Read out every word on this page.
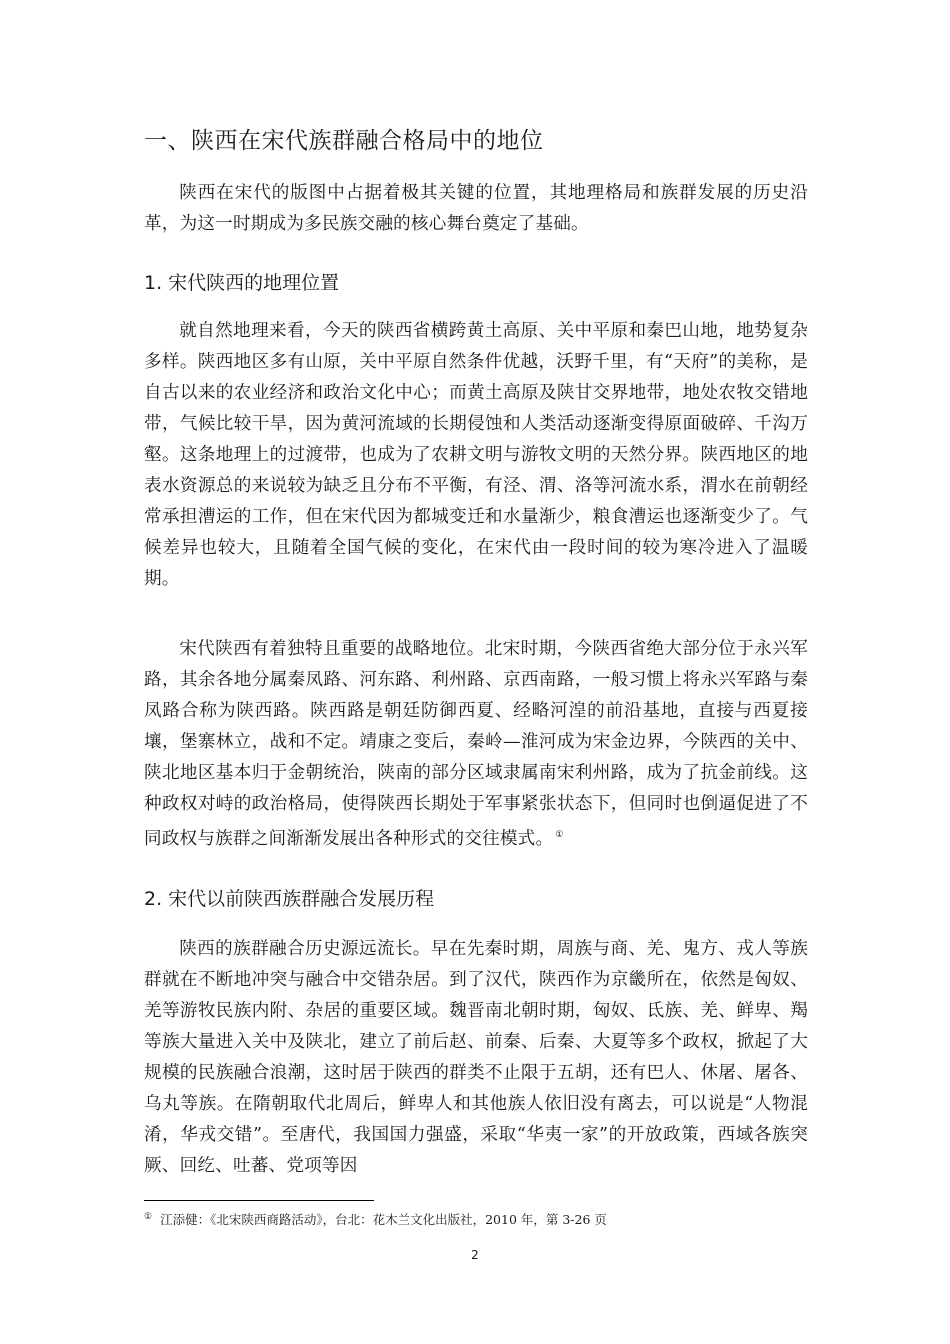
一、陕西在宋代族群融合格局中的地位

陕西在宋代的版图中占据着极其关键的位置，其地理格局和族群发展的历史沿革，为这一时期成为多民族交融的核心舞台奠定了基础。

1. 宋代陕西的地理位置

就自然地理来看，今天的陕西省横跨黄土高原、关中平原和秦巴山地，地势复杂多样。陕西地区多有山原，关中平原自然条件优越，沃野千里，有“天府”的美称，是自古以来的农业经济和政治文化中心；而黄土高原及陕甘交界地带，地处农牧交错地带，气候比较干旱，因为黄河流域的长期侵蚀和人类活动逐渐变得原面破碎、千沟万壑。这条地理上的过渡带，也成为了农耕文明与游牧文明的天然分界。陕西地区的地表水资源总的来说较为缺乏且分布不平衡，有泾、渭、洛等河流水系，渭水在前朝经常承担漕运的工作，但在宋代因为都城变迁和水量渐少，粮食漕运也逐渐变少了。气候差异也较大，且随着全国气候的变化，在宋代由一段时间的较为寒冷进入了温暖期。

宋代陕西有着独特且重要的战略地位。北宋时期，今陕西省绝大部分位于永兴军路，其余各地分属秦凤路、河东路、利州路、京西南路，一般习惯上将永兴军路与秦凤路合称为陕西路。陕西路是朝廷防御西夏、经略河湟的前沿基地，直接与西夏接壤，堡寨林立，战和不定。靖康之变后，秦岭—淮河成为宋金边界，今陕西的关中、陕北地区基本归于金朝统治，陕南的部分区域隶属南宋利州路，成为了抗金前线。这种政权对峙的政治格局，使得陕西长期处于军事紧张状态下，但同时也倒逼促进了不同政权与族群之间渐渐发展出各种形式的交往模式。 ①

2. 宋代以前陕西族群融合发展历程

陕西的族群融合历史源远流长。早在先秦时期，周族与商、羌、鬼方、戎人等族群就在不断地冲突与融合中交错杂居。到了汉代，陕西作为京畿所在，依然是匈奴、羌等游牧民族内附、杂居的重要区域。魏晋南北朝时期，匈奴、氐族、羌、鲜卑、羯等族大量进入关中及陕北，建立了前后赵、前秦、后秦、大夏等多个政权，掀起了大规模的民族融合浪潮，这时居于陕西的群类不止限于五胡，还有巴人、休屠、屠各、乌丸等族。在隋朝取代北周后，鲜卑人和其他族人依旧没有离去，可以说是“人物混淆，华戎交错”。至唐代，我国国力强盛，采取“华夷一家”的开放政策，西域各族突厥、回纥、吐蕃、党项等因

① 江添健：《北宋陕西商路活动》，台北：花木兰文化出版社，2010 年，第 3-26 页

2
